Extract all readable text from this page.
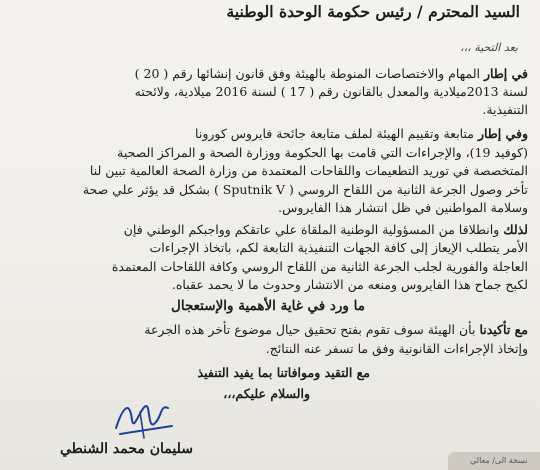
السيد المحترم / رئيس حكومة الوحدة الوطنية
بعد التحية ،،،
في إطار المهام والاختصاصات المنوطة بالهيئة وفق قانون إنشائها رقم ( 20 )
لسنة 2013ميلادية والمعدل بالقانون رقم ( 17 ) لسنة 2016 ميلادية، ولائحته
التنفيذية.
وفي إطار متابعة وتقييم الهيئة لملف متابعة جائحة فايروس كورونا
(كوفيد 19)، والإجراءات التي قامت بها الحكومة ووزارة الصحة و المراكز الصحية
المتخصصة في توريد التطعيمات واللقاحات المعتمدة من وزارة الصحة العالمية تبين لنا
تأخر وصول الجرعة الثانية من اللقاح الروسي ( Sputnik V ) بشكل قد يؤثر علي صحة
وسلامة المواطنين في ظل انتشار هذا الفايروس.
لذلك وانطلاقا من المسؤولية الوطنية الملقاة علي عاتقكم وواجبكم الوطني فإن
الأمر يتطلب الإيعاز إلى كافة الجهات التنفيذية التابعة لكم، باتخاذ الإجراءات
العاجلة والفورية لجلب الجرعة الثانية من اللقاح الروسي وكافة اللقاحات المعتمدة
لكبح جماح هذا الفايروس ومنعه من الانتشار وحدوث ما لا يحمد عقباه.
ما ورد في غاية الأهمية والإستعجال
مع تأكيدنا بأن الهيئة سوف تقوم بفتح تحقيق حيال موضوع تأخر هذه الجرعة
وإتخاذ الإجراءات القانونية وفق ما تسفر عنه النتائج.
مع التقيد وموافاتنا بما يفيد التنفيذ
والسلام عليكم،،،
سليمان محمد الشنطي
نسخة الى/ معالي
